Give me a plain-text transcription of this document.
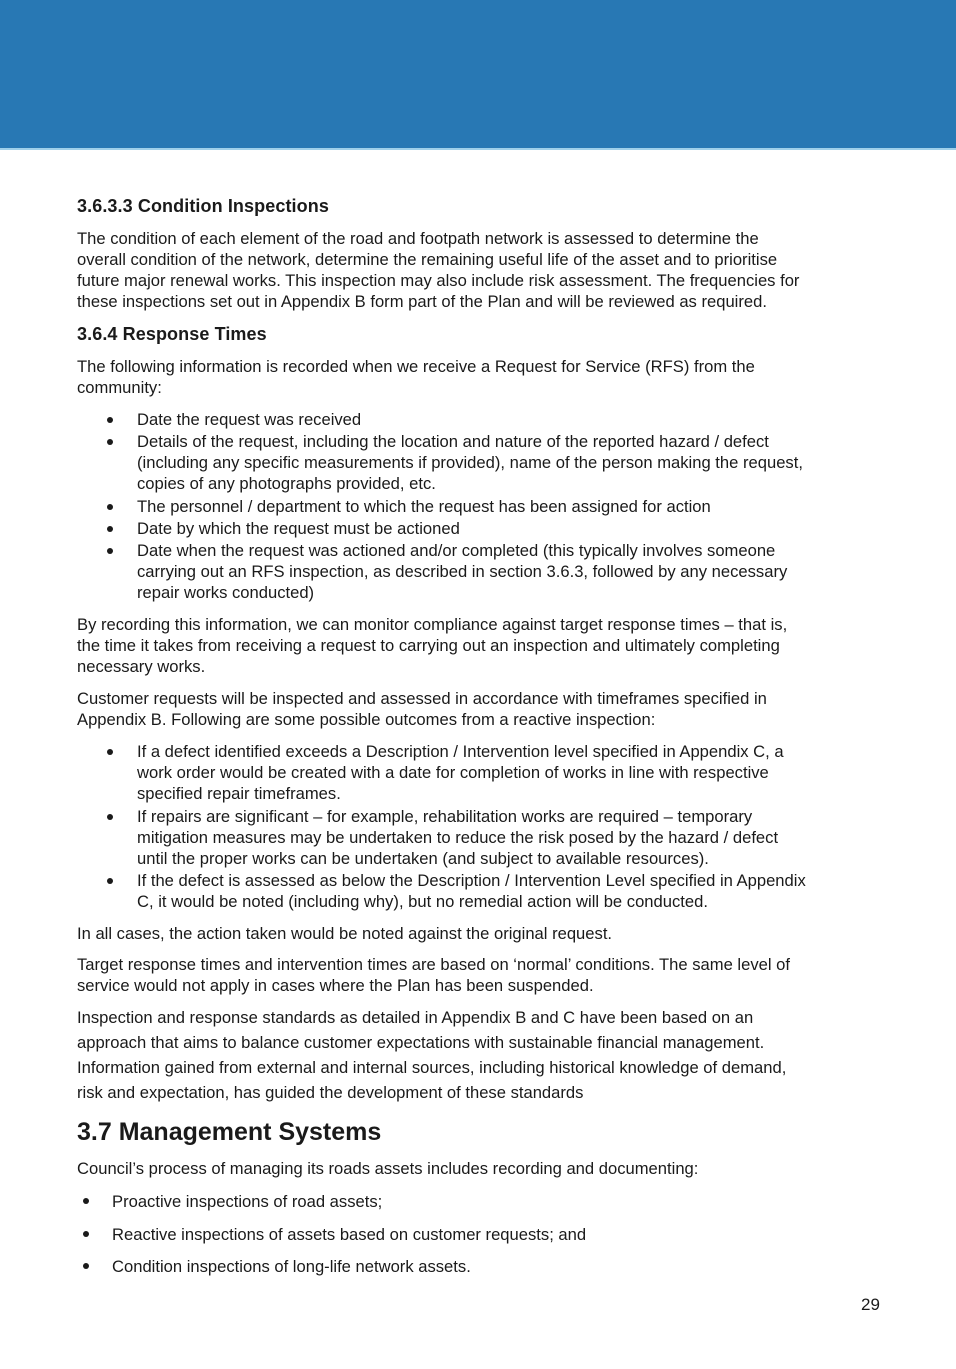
3.6.3.3 Condition Inspections
The condition of each element of the road and footpath network is assessed to determine the
overall condition of the network, determine the remaining useful life of the asset and to prioritise
future major renewal works. This inspection may also include risk assessment. The frequencies for
these inspections set out in Appendix B form part of the Plan and will be reviewed as required.
3.6.4 Response Times
The following information is recorded when we receive a Request for Service (RFS) from the
community:
Date the request was received
Details of the request, including the location and nature of the reported hazard / defect
(including any specific measurements if provided), name of the person making the request,
copies of any photographs provided, etc.
The personnel / department to which the request has been assigned for action
Date by which the request must be actioned
Date when the request was actioned and/or completed (this typically involves someone
carrying out an RFS inspection, as described in section 3.6.3, followed by any necessary
repair works conducted)
By recording this information, we can monitor compliance against target response times – that is,
the time it takes from receiving a request to carrying out an inspection and ultimately completing
necessary works.
Customer requests will be inspected and assessed in accordance with timeframes specified in
Appendix B. Following are some possible outcomes from a reactive inspection:
If a defect identified exceeds a Description / Intervention level specified in Appendix C, a
work order would be created with a date for completion of works in line with respective
specified repair timeframes.
If repairs are significant – for example, rehabilitation works are required – temporary
mitigation measures may be undertaken to reduce the risk posed by the hazard / defect
until the proper works can be undertaken (and subject to available resources).
If the defect is assessed as below the Description / Intervention Level specified in Appendix
C, it would be noted (including why), but no remedial action will be conducted.
In all cases, the action taken would be noted against the original request.
Target response times and intervention times are based on ‘normal’ conditions. The same level of
service would not apply in cases where the Plan has been suspended.
Inspection and response standards as detailed in Appendix B and C have been based on an
approach that aims to balance customer expectations with sustainable financial management.
Information gained from external and internal sources, including historical knowledge of demand,
risk and expectation, has guided the development of these standards
3.7 Management Systems
Council’s process of managing its roads assets includes recording and documenting:
Proactive inspections of road assets;
Reactive inspections of assets based on customer requests; and
Condition inspections of long-life network assets.
29
